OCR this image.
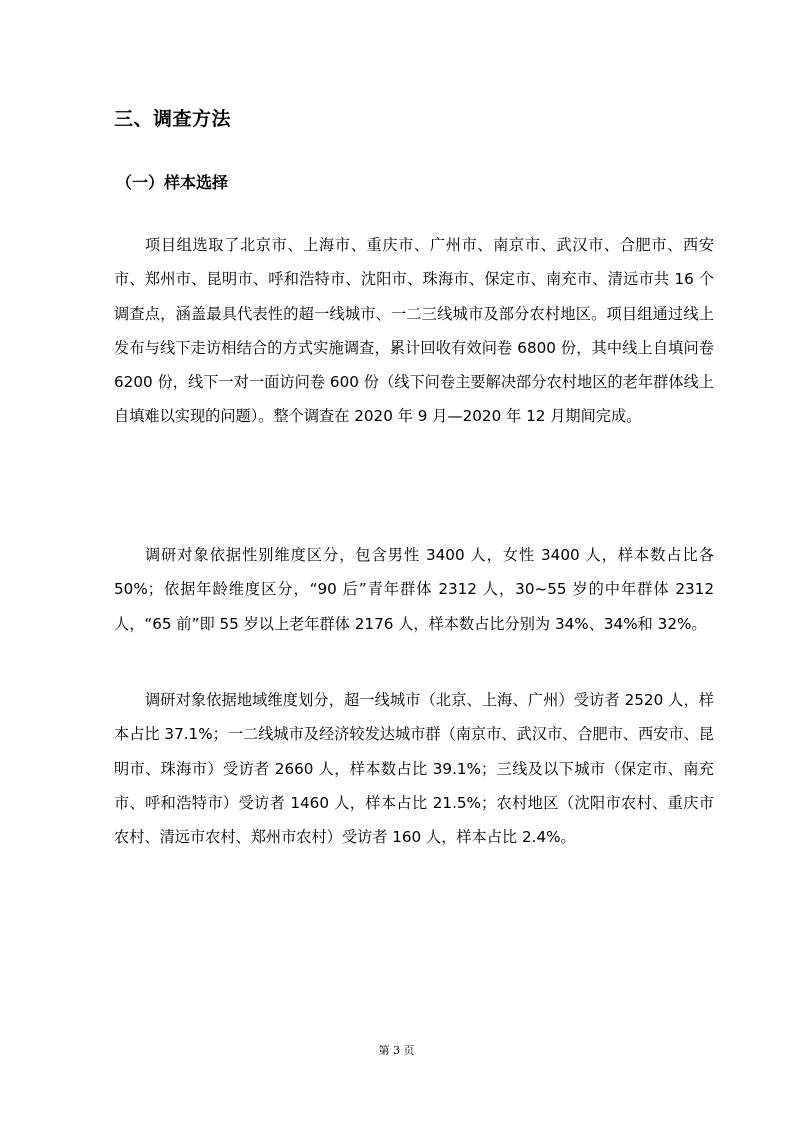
三、调查方法
（一）样本选择

项目组选取了北京市、上海市、重庆市、广州市、南京市、武汉市、合肥市、西安市、郑州市、昆明市、呼和浩特市、沈阳市、珠海市、保定市、南充市、清远市共 16 个调查点，涵盖最具代表性的超一线城市、一二三线城市及部分农村地区。项目组通过线上发布与线下走访相结合的方式实施调查，累计回收有效问卷 6800 份，其中线上自填问卷 6200 份，线下一对一面访问卷 600 份（线下问卷主要解决部分农村地区的老年群体线上自填难以实现的问题）。整个调查在 2020 年 9 月—2020 年 12 月期间完成。

调研对象依据性别维度区分，包含男性 3400 人，女性 3400 人，样本数占比各 50%；依据年龄维度区分，“90 后”青年群体 2312 人，30~55 岁的中年群体 2312 人，“65 前”即 55 岁以上老年群体 2176 人，样本数占比分别为 34%、34%和 32%。

调研对象依据地域维度划分，超一线城市（北京、上海、广州）受访者 2520 人，样本占比 37.1%；一二线城市及经济较发达城市群（南京市、武汉市、合肥市、西安市、昆明市、珠海市）受访者 2660 人，样本数占比 39.1%；三线及以下城市（保定市、南充市、呼和浩特市）受访者 1460 人，样本占比 21.5%；农村地区（沈阳市农村、重庆市农村、清远市农村、郑州市农村）受访者 160 人，样本占比 2.4%。

第 3 页
